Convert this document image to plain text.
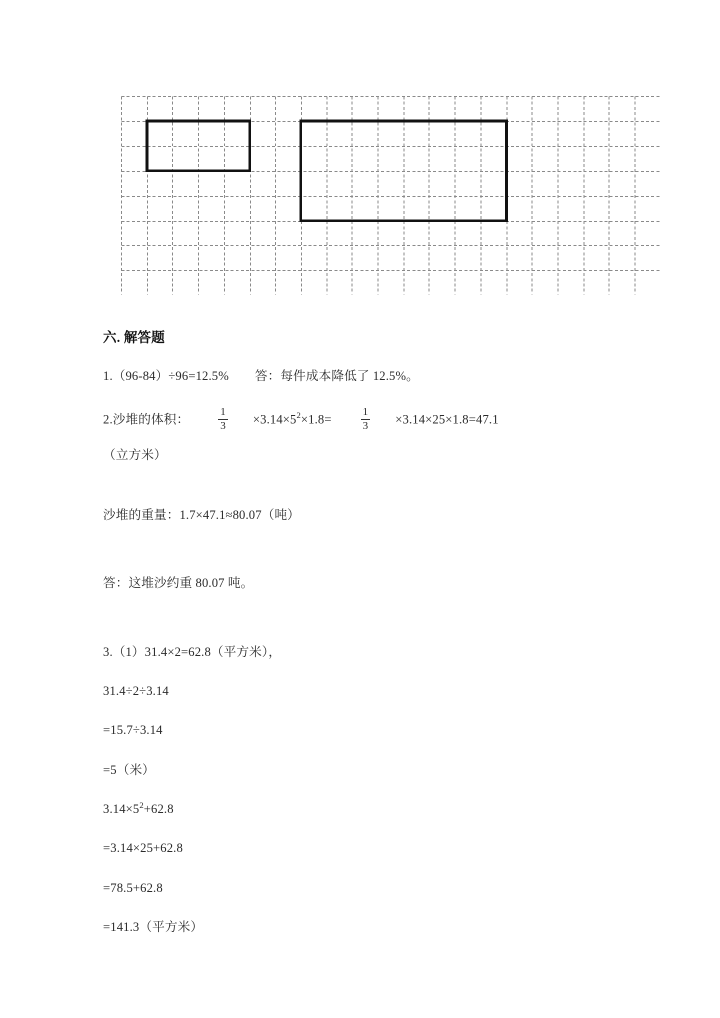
六. 解答题
1.（96-84）÷96=12.5% 答：每件成本降低了 12.5%。
2.沙堆的体积：	$\frac{1}{3} \times 3.14\times 5^2\times 1.8=$	$\frac{1}{3} \times 3.14\times 25\times 1.8=47.1$
（立方米）
沙堆的重量：1.7×47.1≈80.07（吨）
答：这堆沙约重 80.07 吨。
3.（1）31.4×2=62.8（平方米），
31.4÷2÷3.14
=15.7÷3.14
=5（米）
$3.14\times 5^2+62.8$
=3.14×25+62.8
=78.5+62.8
=141.3（平方米）
